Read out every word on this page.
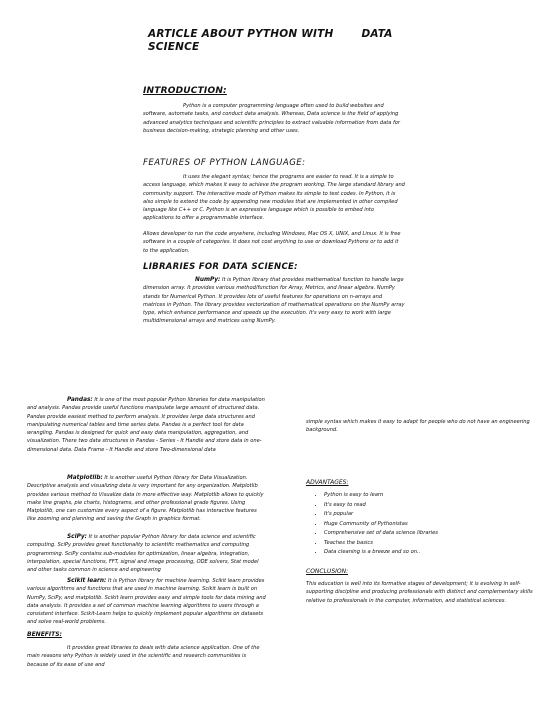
ARTICLE ABOUT PYTHON WITH	DATA
SCIENCE
INTRODUCTION:

Python is a computer programming language often used to build websites and software, automate tasks, and conduct data analysis. Whereas, Data science is the field of applying advanced analytics techniques and scientific principles to extract valuable information from data for business decision-making, strategic planning and other uses.

FEATURES OF PYTHON LANGUAGE:

It uses the elegant syntax; hence the programs are easier to read. It is a simple to access language, which makes it easy to achieve the program working. The large standard library and community support. The interactive mode of Python makes its simple to test codes. In Python, it is also simple to extend the code by appending new modules that are implemented in other compiled language like C++ or C. Python is an expressive language which is possible to embed into applications to offer a programmable interface.

Allows developer to run the code anywhere, including Windows, Mac OS X, UNIX, and Linux. It is free software in a couple of categories. It does not cost anything to use or download Pythons or to add it to the application.

LIBRARIES FOR DATA SCIENCE:

NumPy: It is Python library that provides mathematical function to handle large dimension array. It provides various method/function for Array, Metrics, and linear algebra. NumPy stands for Numerical Python. It provides lots of useful features for operations on n-arrays and matrices in Python. The library provides vectorization of mathematical operations on the NumPy array type, which enhance performance and speeds up the execution. It's very easy to work with large multidimensional arrays and matrices using NumPy.

Pandas: It is one of the most popular Python libraries for data manipulation and analysis. Pandas provide useful functions manipulate large amount of structured data. Pandas provide easiest method to perform analysis. It provides large data structures and manipulating numerical tables and time series data. Pandas is a perfect tool for data wrangling. Pandas is designed for quick and easy data manipulation, aggregation, and visualization. There two data structures in Pandas - Series - It Handle and store data in one-dimensional data. Data Frame - It Handle and store Two-dimensional data

Matplotlib: It is another useful Python library for Data Visualization. Descriptive analysis and visualizing data is very important for any organization. Matplotlib provides various method to Visualize data in more effective way. Matplotlib allows to quickly make line graphs, pie charts, histograms, and other professional grade figures. Using Matplotlib, one can customize every aspect of a figure. Matplotlib has interactive features like zooming and planning and saving the Graph in graphics format.

SciPy: It is another popular Python library for data science and scientific computing. SciPy provides great functionality to scientific mathematics and computing programming. SciPy contains sub-modules for optimization, linear algebra, integration, interpolation, special functions, FFT, signal and image processing, ODE solvers, Stat model and other tasks common in science and engineering

Scikit learn: It is Python library for machine learning. Scikit learn provides various algorithms and functions that are used in machine learning. Scikit learn is built on NumPy, SciPy, and matplotlib. Scikit learn provides easy and simple tools for data mining and data analysis. It provides a set of common machine learning algorithms to users through a consistent interface. Scikit-Learn helps to quickly implement popular algorithms on datasets and solve real-world problems.

BENEFITS:

It provides great libraries to deals with data science application. One of the main reasons why Python is widely used in the scientific and research communities is because of its ease of use and

simple syntax which makes it easy to adapt for people who do not have an engineering background.

ADVANTAGES:
• Python is easy to learn
• It's easy to read
• It's popular
• Huge Community of Pythonistas
• Comprehensive set of data science libraries
• Teaches the basics
• Data cleaning is a breeze and so on..
CONCLUSION:

This education is well into its formative stages of development; it is evolving in self-supporting discipline and producing professionals with distinct and complementary skills relative to professionals in the computer, information, and statistical sciences.
